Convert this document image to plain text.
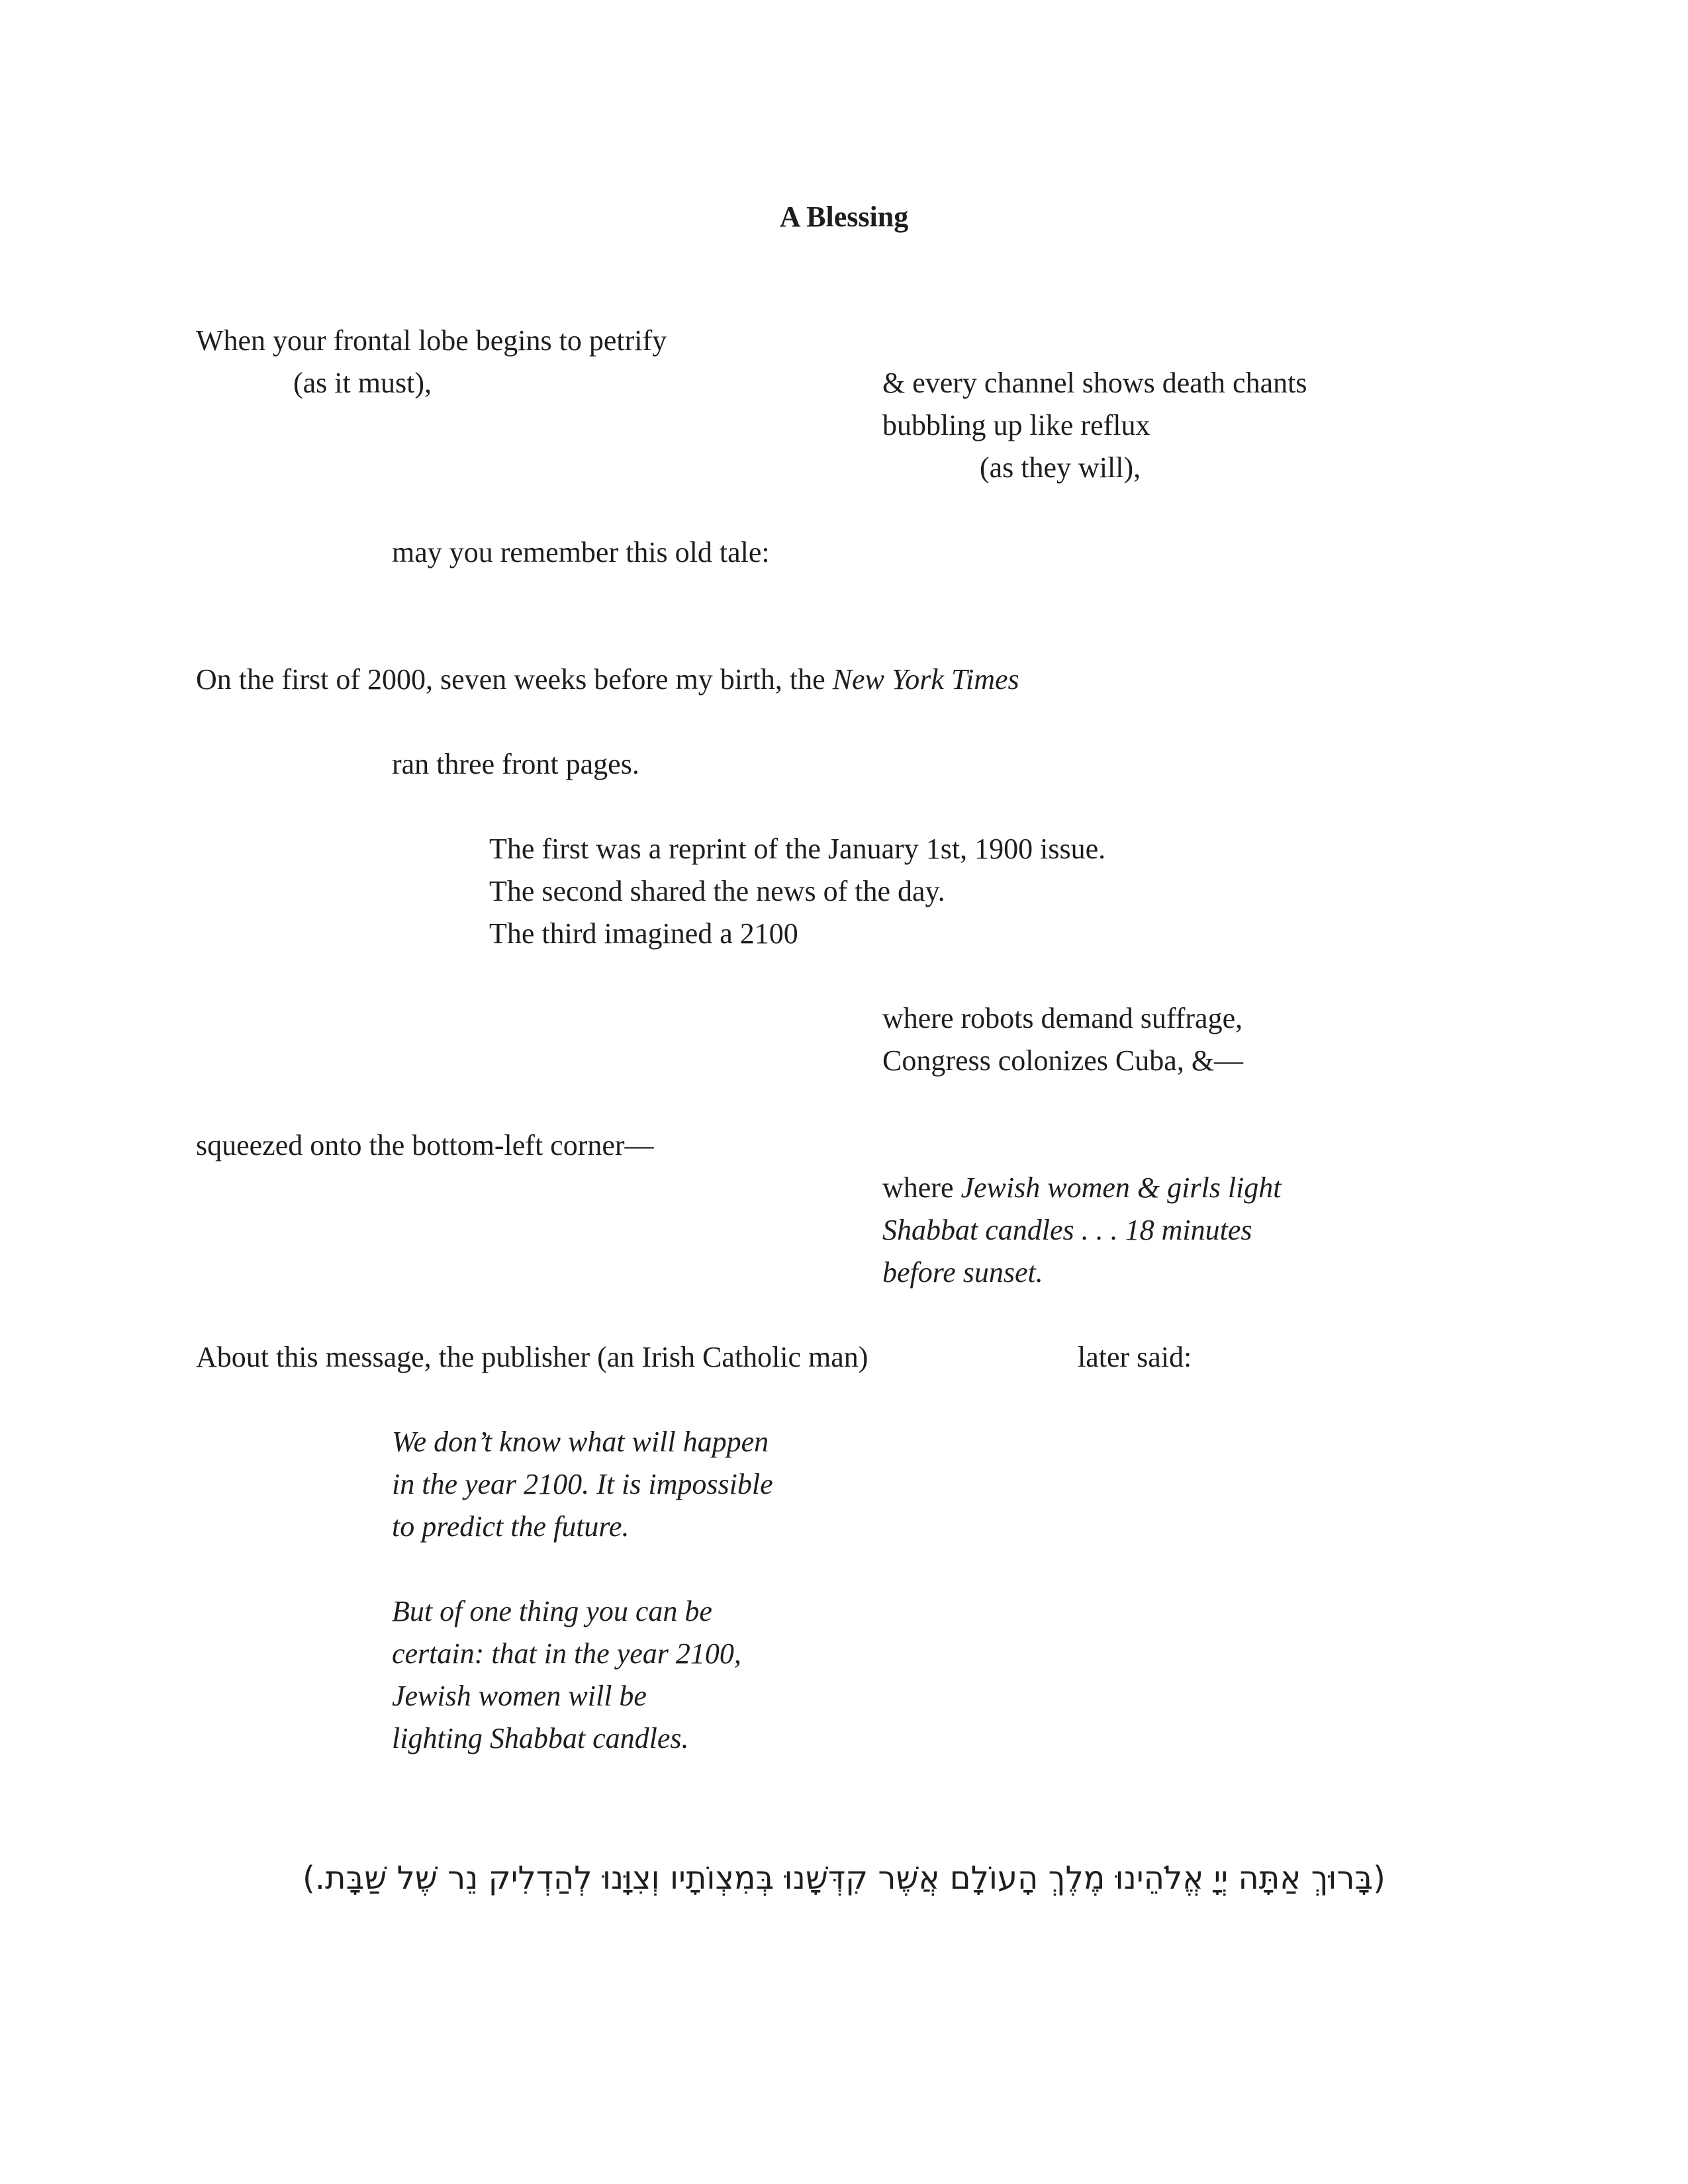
A Blessing
When your frontal lobe begins to petrify
(as it must),	& every channel shows death chants
bubbling up like reflux
(as they will),
may you remember this old tale:
On the first of 2000, seven weeks before my birth, the New York Times
ran three front pages.
The first was a reprint of the January 1st, 1900 issue.
The second shared the news of the day.
The third imagined a 2100
where robots demand suffrage,
Congress colonizes Cuba, &—
squeezed onto the bottom-left corner—
where Jewish women & girls light
Shabbat candles . . . 18 minutes
before sunset.
About this message, the publisher (an Irish Catholic man)	later said:
We don’t know what will happen
in the year 2100. It is impossible
to predict the future.
But of one thing you can be
certain: that in the year 2100,
Jewish women will be
lighting Shabbat candles.
(בָּרוּךְ אַתָּה יְיָ אֱלֹהֵינוּ מֶלֶךְ הָעוֹלָם אֲשֶׁר קִדְּשָׁנוּ בְּמִצְוֹתָיו וְצִוָּנוּ לְהַדְלִיק נֵר שֶׁל שַׁבָּת.)
